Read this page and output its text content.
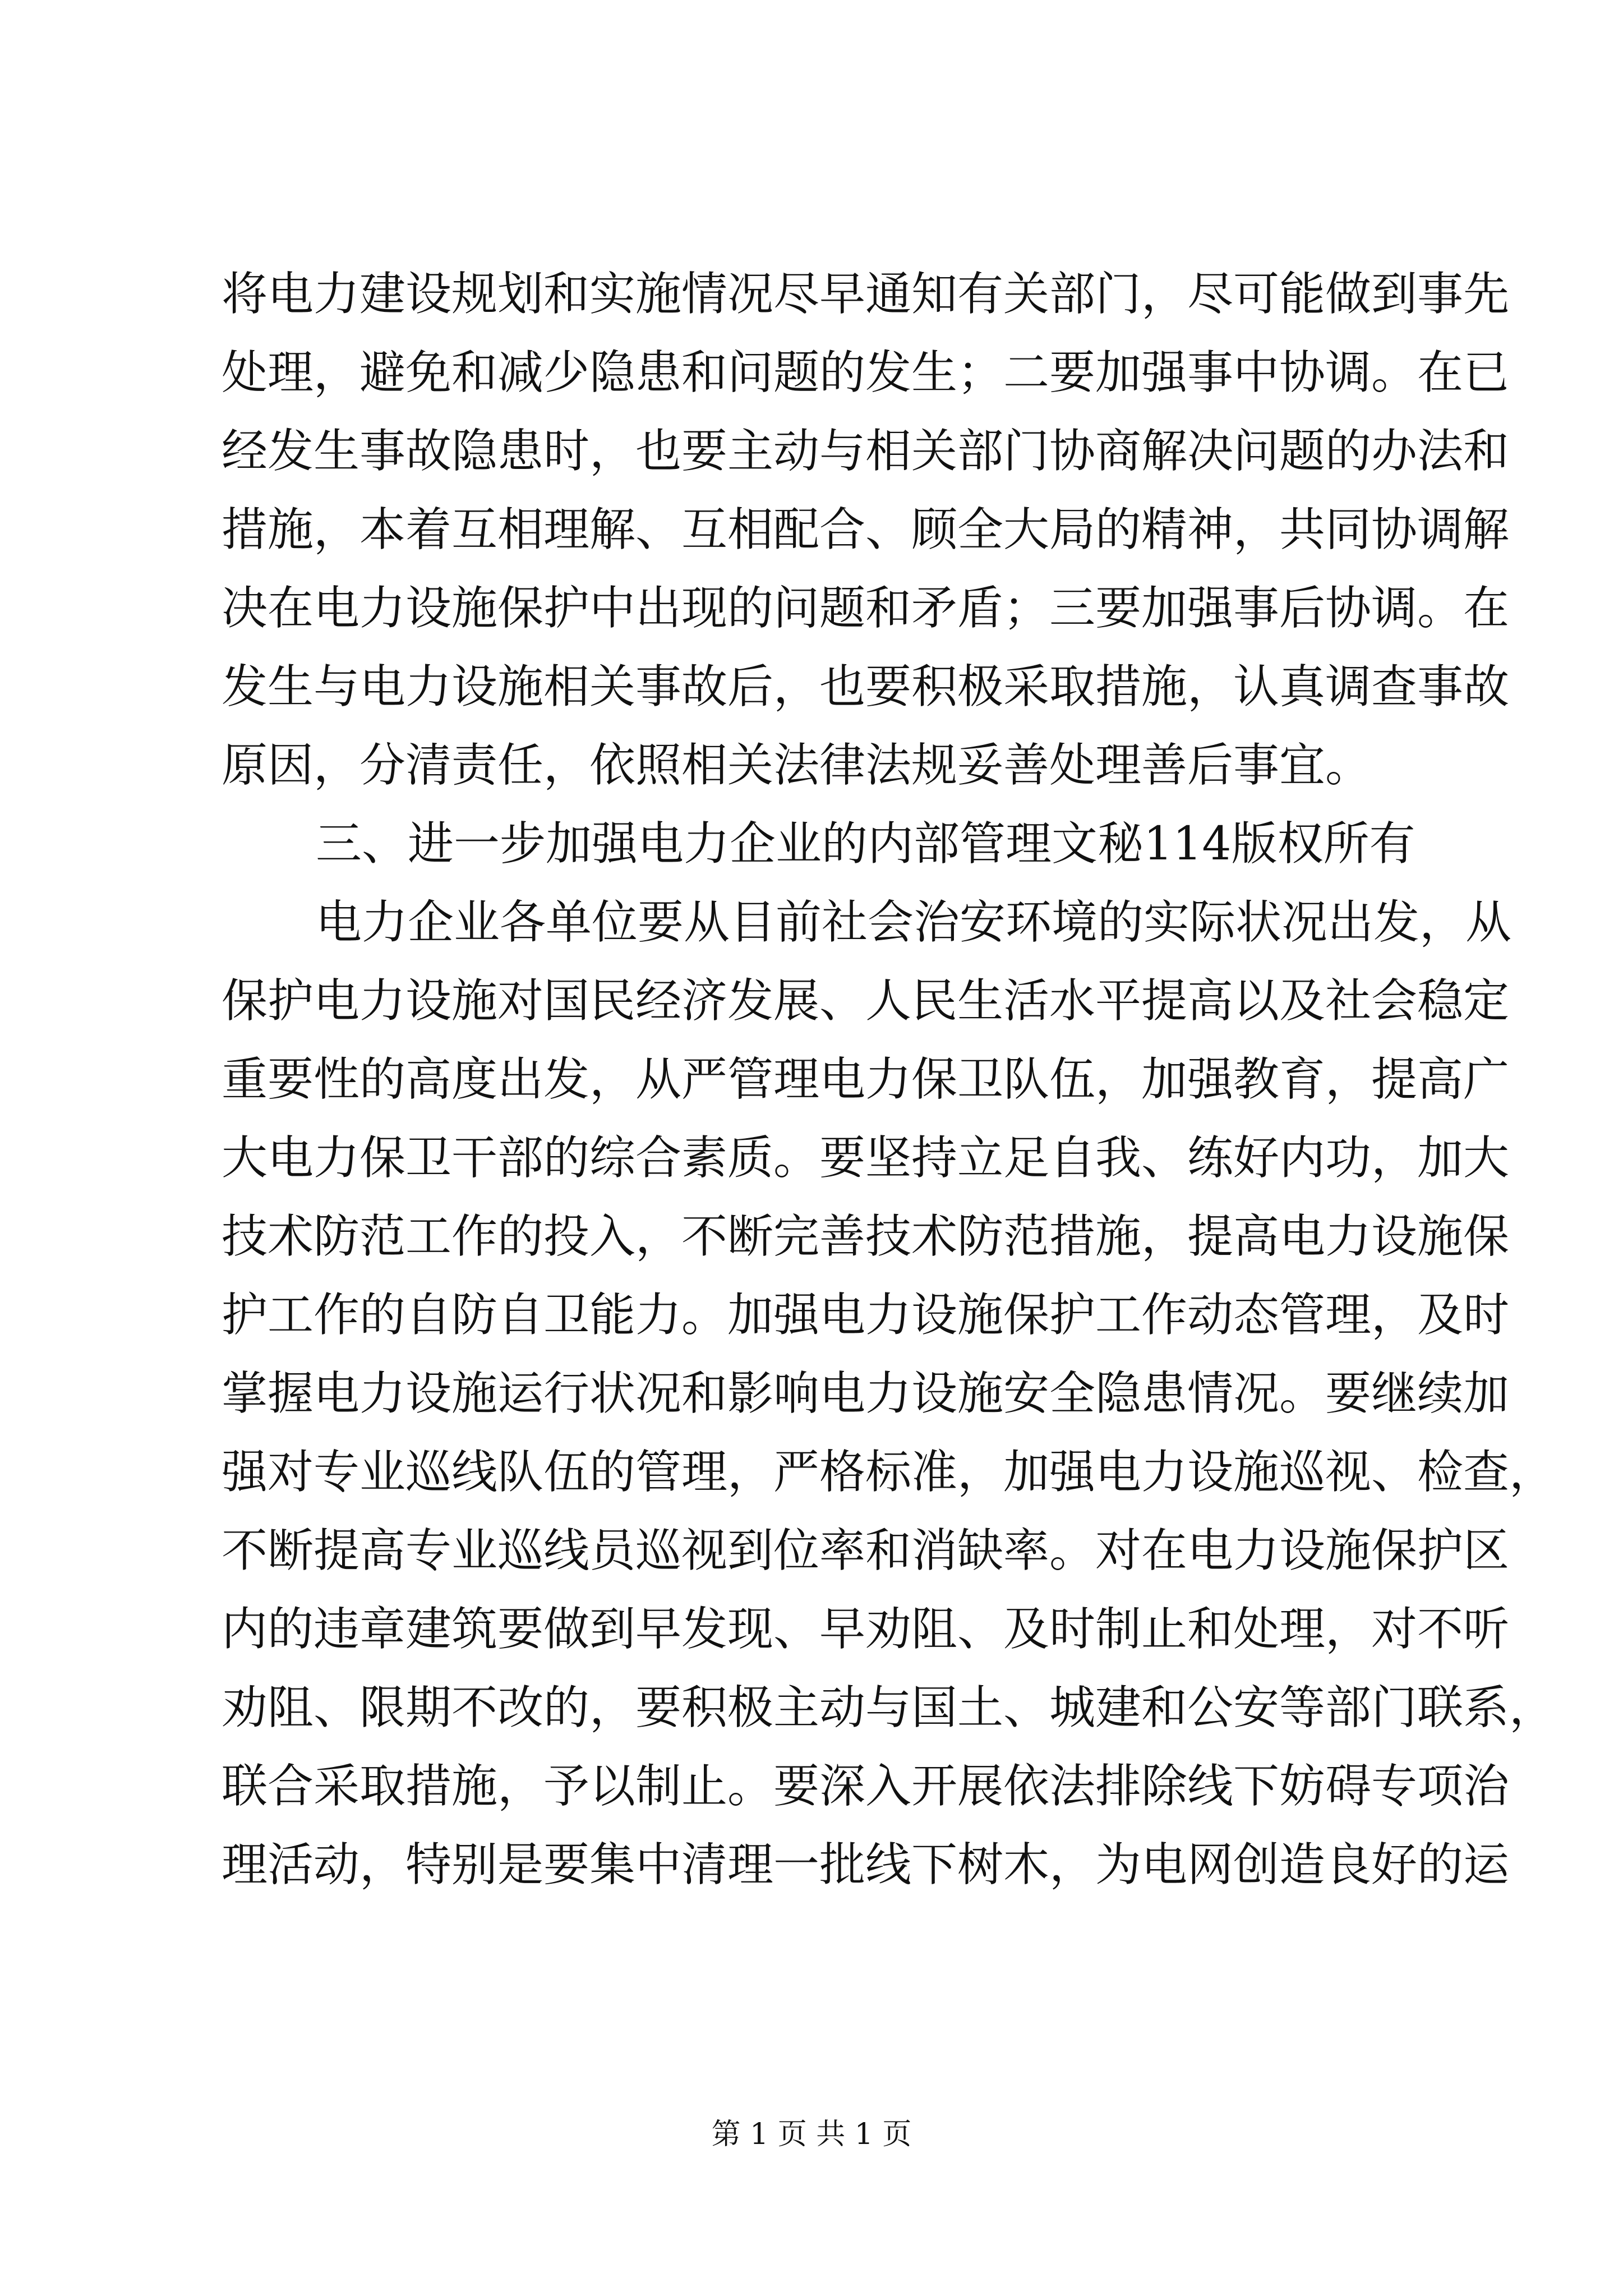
将电力建设规划和实施情况尽早通知有关部门，尽可能做到事先
处理，避免和减少隐患和问题的发生；二要加强事中协调。在已
经发生事故隐患时，也要主动与相关部门协商解决问题的办法和
措施，本着互相理解、互相配合、顾全大局的精神，共同协调解
决在电力设施保护中出现的问题和矛盾；三要加强事后协调。在
发生与电力设施相关事故后，也要积极采取措施，认真调查事故
原因，分清责任，依照相关法律法规妥善处理善后事宜。
三、进一步加强电力企业的内部管理文秘114版权所有
电力企业各单位要从目前社会治安环境的实际状况出发，从
保护电力设施对国民经济发展、人民生活水平提高以及社会稳定
重要性的高度出发，从严管理电力保卫队伍，加强教育，提高广
大电力保卫干部的综合素质。要坚持立足自我、练好内功，加大
技术防范工作的投入，不断完善技术防范措施，提高电力设施保
护工作的自防自卫能力。加强电力设施保护工作动态管理，及时
掌握电力设施运行状况和影响电力设施安全隐患情况。要继续加
强对专业巡线队伍的管理，严格标准，加强电力设施巡视、检查，
不断提高专业巡线员巡视到位率和消缺率。对在电力设施保护区
内的违章建筑要做到早发现、早劝阻、及时制止和处理，对不听
劝阻、限期不改的，要积极主动与国土、城建和公安等部门联系，
联合采取措施，予以制止。要深入开展依法排除线下妨碍专项治
理活动，特别是要集中清理一批线下树木，为电网创造良好的运
第 1 页 共 1 页
